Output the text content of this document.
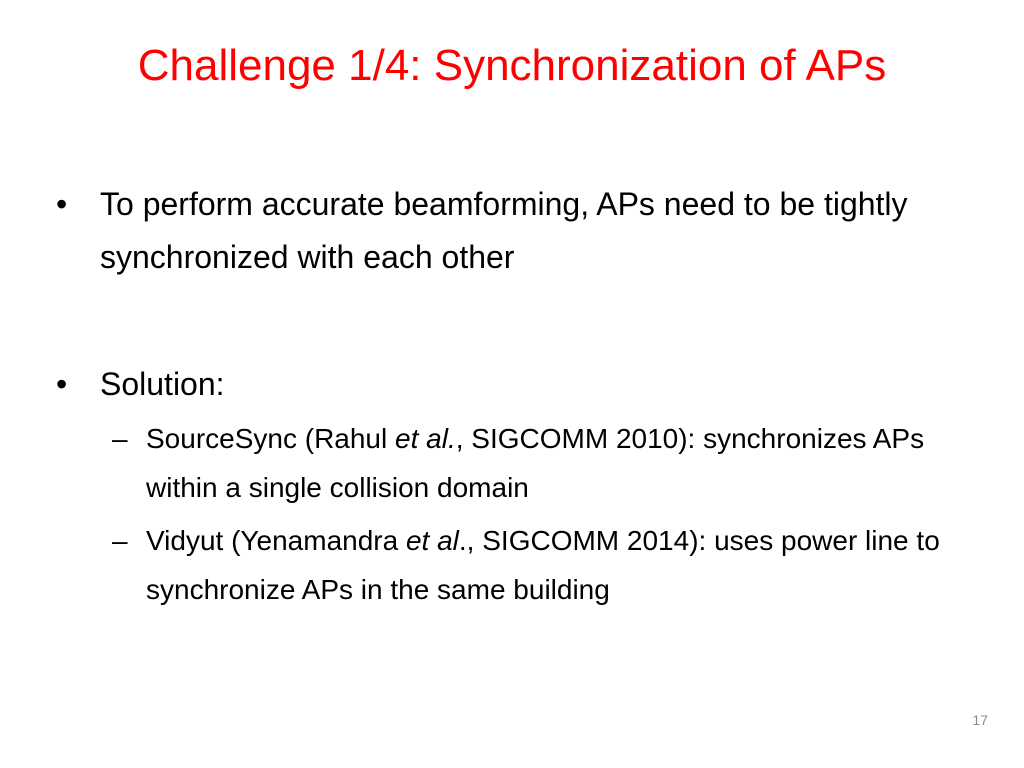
Challenge 1/4: Synchronization of APs
• To perform accurate beamforming, APs need to be tightly synchronized with each other
• Solution:
– SourceSync (Rahul et al., SIGCOMM 2010): synchronizes APs within a single collision domain
– Vidyut (Yenamandra et al., SIGCOMM 2014): uses power line to synchronize APs in the same building
17
